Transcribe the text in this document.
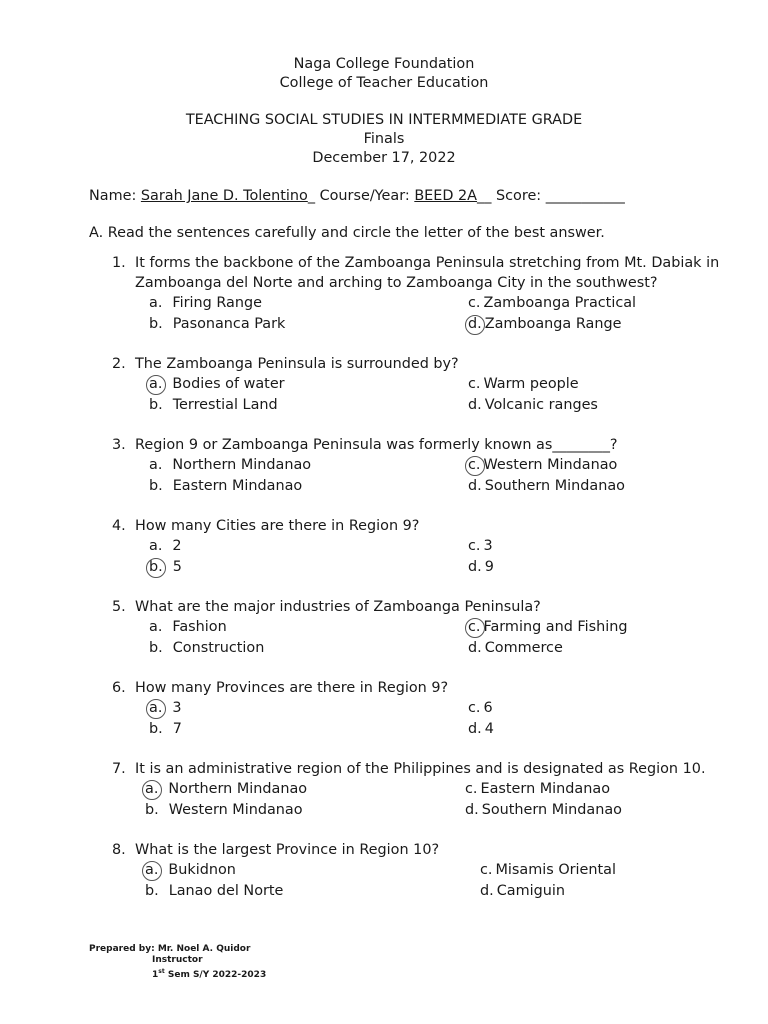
Naga College Foundation
College of Teacher Education
TEACHING SOCIAL STUDIES IN INTERMMEDIATE GRADE
Finals
December 17, 2022
Name: Sarah Jane D. Tolentino_ Course/Year: BEED 2A__ Score: ___________
A. Read the sentences carefully and circle the letter of the best answer.
1. It forms the backbone of the Zamboanga Peninsula stretching from Mt. Dabiak in
Zamboanga del Norte and arching to Zamboanga City in the southwest?
a. Firing Range
b. Pasonanca Park
c. Zamboanga Practical
d. Zamboanga Range
2. The Zamboanga Peninsula is surrounded by?
a. Bodies of water
b. Terrestial Land
c. Warm people
d. Volcanic ranges
3. Region 9 or Zamboanga Peninsula was formerly known as________?
a. Northern Mindanao
b. Eastern Mindanao
c. Western Mindanao
d. Southern Mindanao
4. How many Cities are there in Region 9?
a. 2
b. 5
c. 3
d. 9
5. What are the major industries of Zamboanga Peninsula?
a. Fashion
b. Construction
c. Farming and Fishing
d. Commerce
6. How many Provinces are there in Region 9?
a. 3
b. 7
c. 6
d. 4
7. It is an administrative region of the Philippines and is designated as Region 10.
a. Northern Mindanao
b. Western Mindanao
c. Eastern Mindanao
d. Southern Mindanao
8. What is the largest Province in Region 10?
a. Bukidnon
b. Lanao del Norte
c. Misamis Oriental
d. Camiguin
Prepared by: Mr. Noel A. Quidor
Instructor
1st Sem S/Y 2022-2023
